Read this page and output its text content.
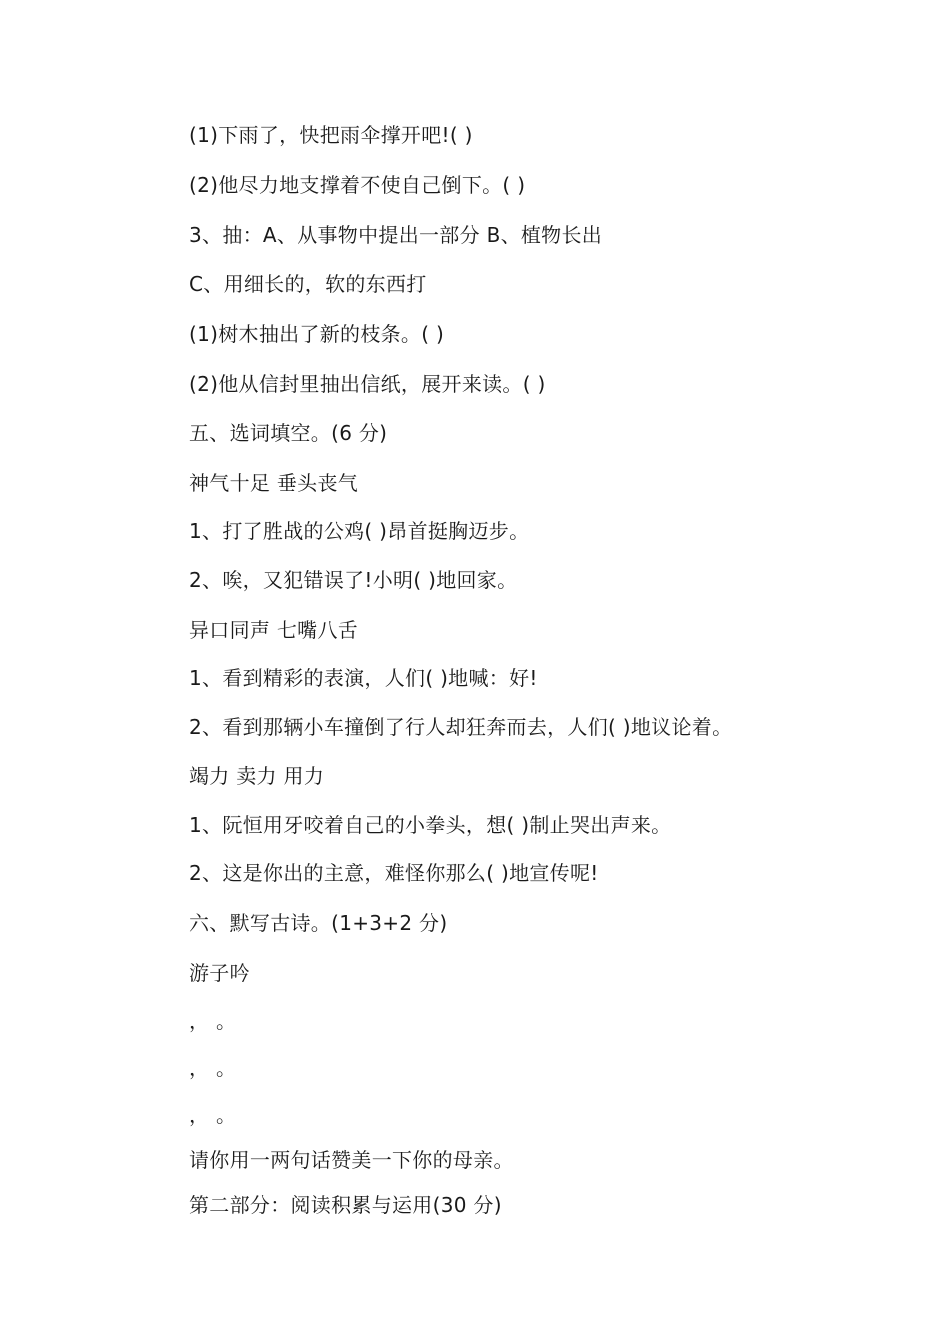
(1)下雨了，快把雨伞撑开吧!( )
(2)他尽力地支撑着不使自己倒下。( )
3、抽：A、从事物中提出一部分 B、植物长出
C、用细长的，软的东西打
(1)树木抽出了新的枝条。( )
(2)他从信封里抽出信纸，展开来读。( )
五、选词填空。(6 分)
神气十足 垂头丧气
1、打了胜战的公鸡( )昂首挺胸迈步。
2、唉，又犯错误了!小明( )地回家。
异口同声 七嘴八舌
1、看到精彩的表演，人们( )地喊：好!
2、看到那辆小车撞倒了行人却狂奔而去，人们( )地议论着。
竭力 卖力 用力
1、阮恒用牙咬着自己的小拳头，想( )制止哭出声来。
2、这是你出的主意，难怪你那么( )地宣传呢!
六、默写古诗。(1+3+2 分)
游子吟
， 。
， 。
， 。
请你用一两句话赞美一下你的母亲。
第二部分：阅读积累与运用(30 分)
